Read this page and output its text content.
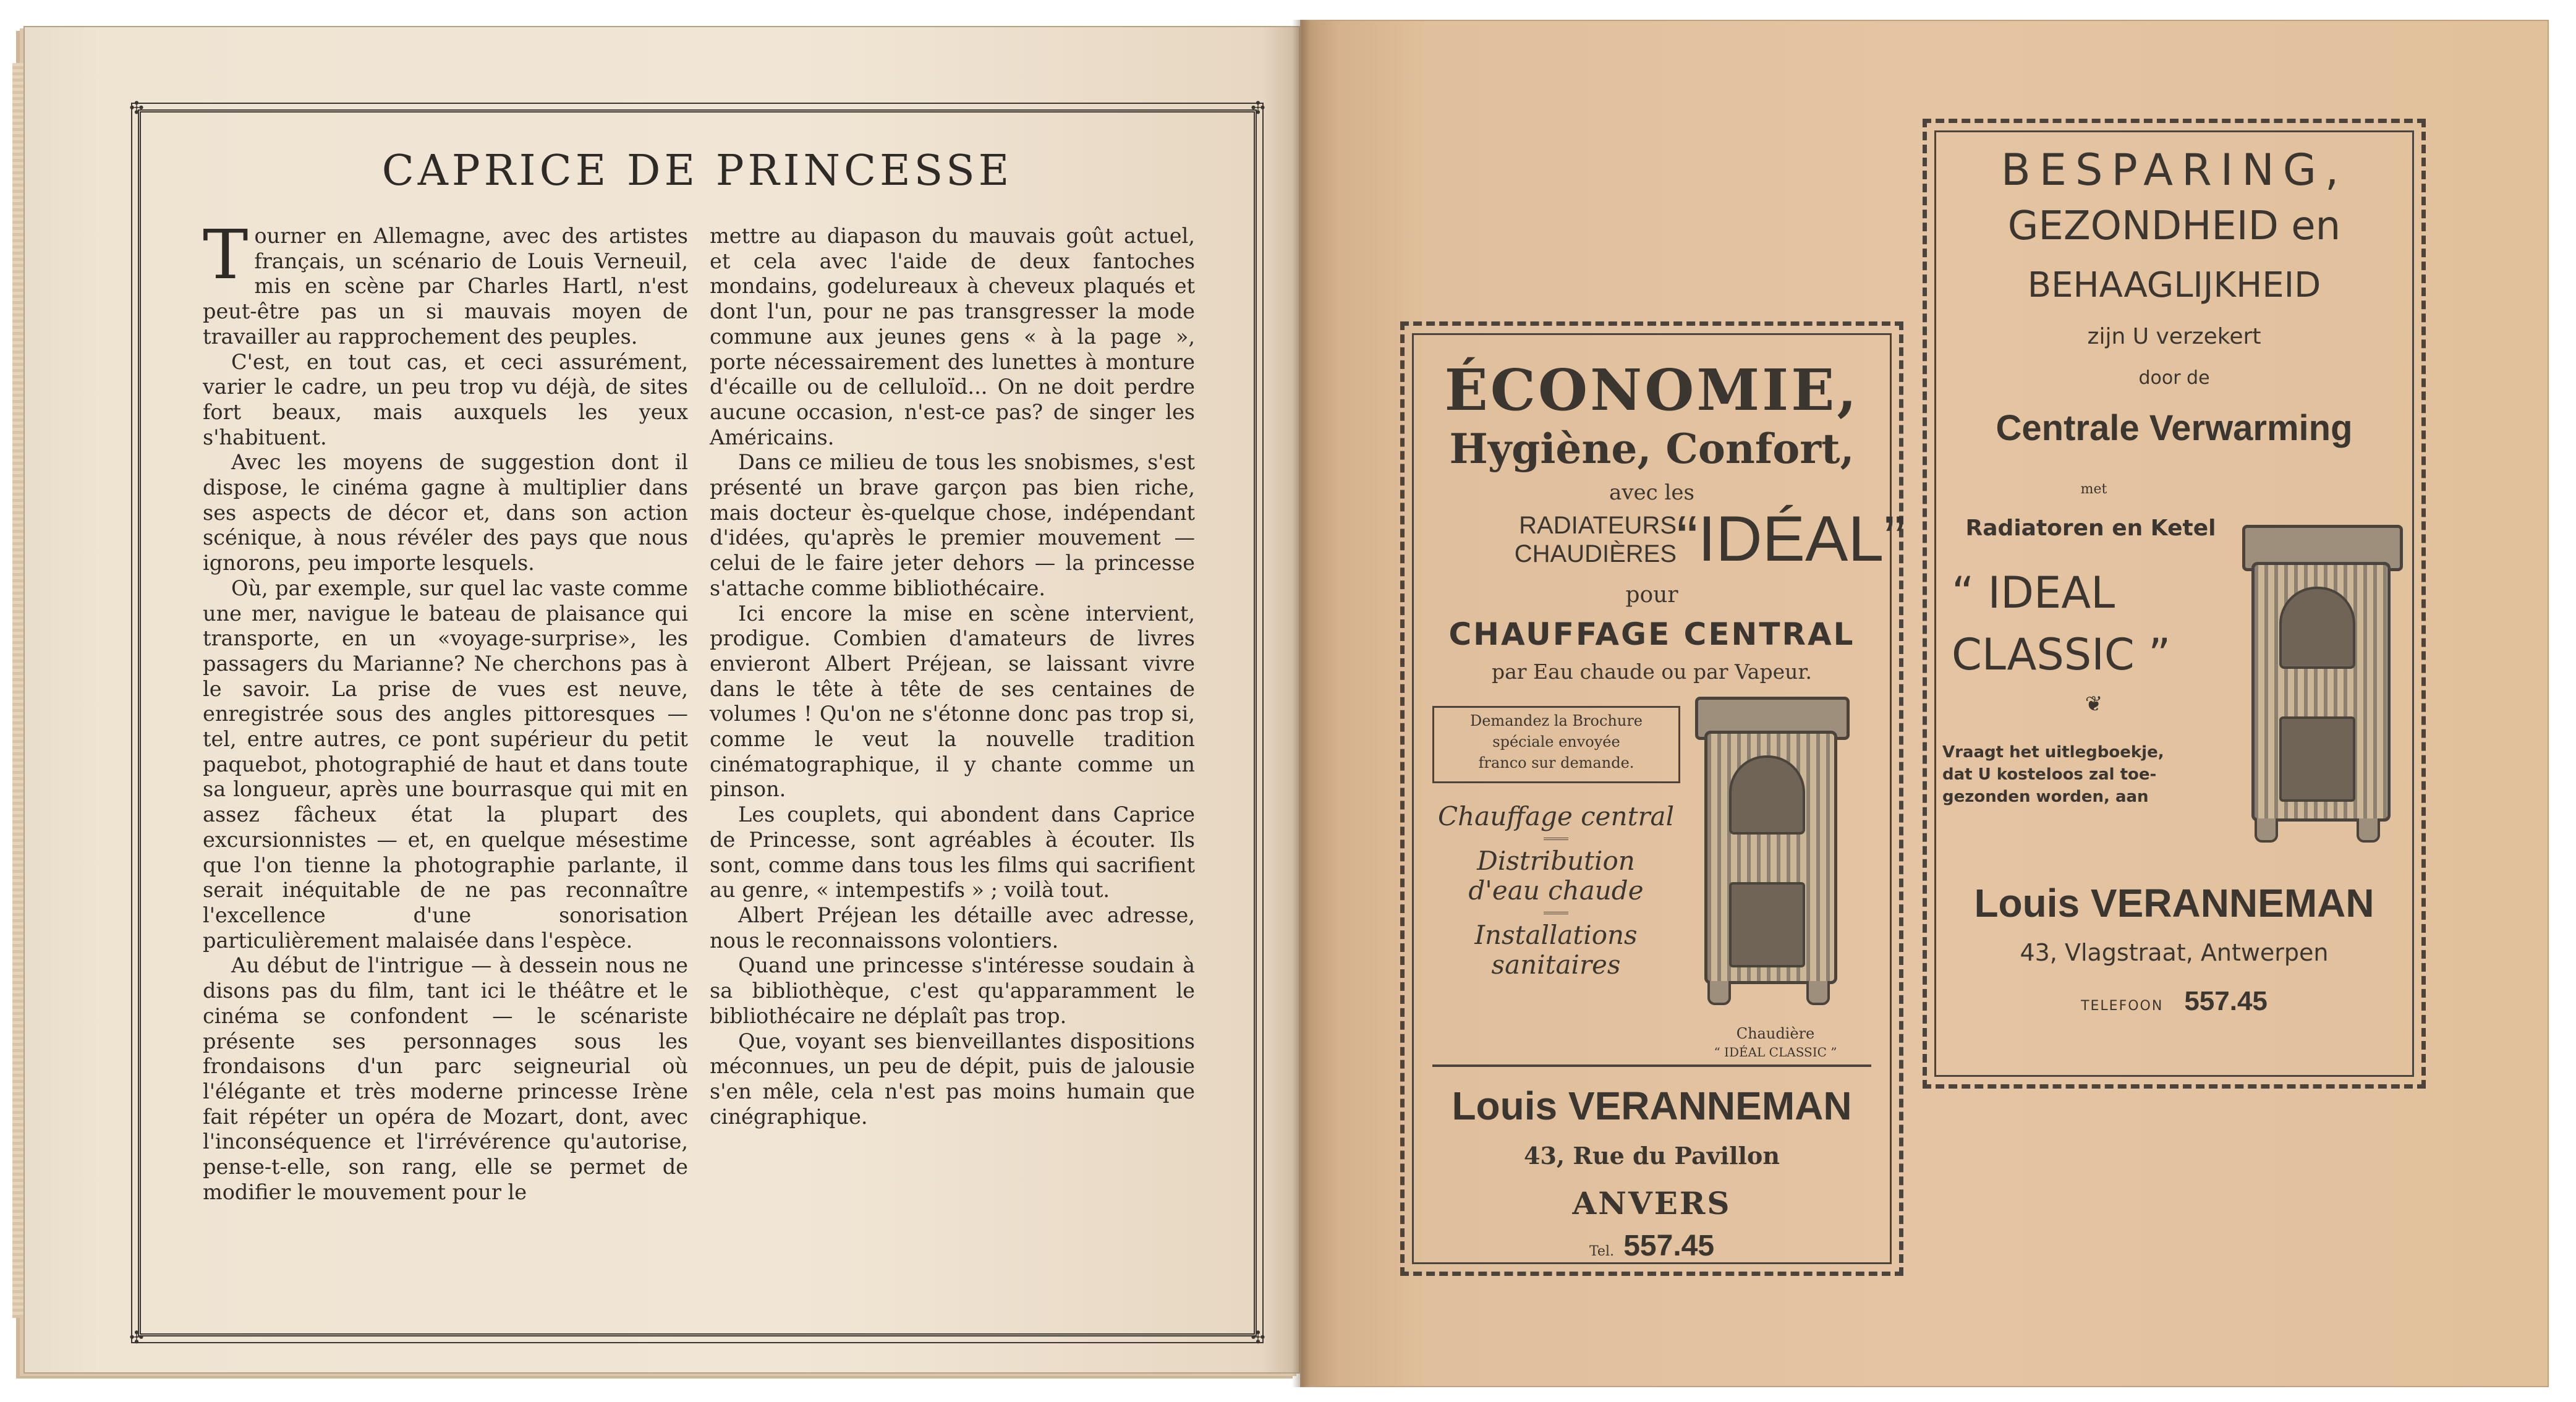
✣	✣
✣	✣
CAPRICE DE PRINCESSE

Tourner en Allemagne, avec des artistes français, un scénario de Louis Verneuil, mis en scène par Charles Hartl, n'est peut-être pas un si mauvais moyen de travailler au rapprochement des peuples.

C'est, en tout cas, et ceci assurément, varier le cadre, un peu trop vu déjà, de sites fort beaux, mais auxquels les yeux s'habituent.

Avec les moyens de suggestion dont il dispose, le cinéma gagne à multiplier dans ses aspects de décor et, dans son action scénique, à nous révéler des pays que nous ignorons, peu importe lesquels.

Où, par exemple, sur quel lac vaste comme une mer, navigue le bateau de plaisance qui transporte, en un «voyage-surprise», les passagers du Marianne? Ne cherchons pas à le savoir. La prise de vues est neuve, enregistrée sous des angles pittoresques — tel, entre autres, ce pont supérieur du petit paquebot, photographié de haut et dans toute sa longueur, après une bourrasque qui mit en assez fâcheux état la plupart des excursionnistes — et, en quelque mésestime que l'on tienne la photographie parlante, il serait inéquitable de ne pas reconnaître l'excellence d'une sonorisation particulièrement malaisée dans l'espèce.

Au début de l'intrigue — à dessein nous ne disons pas du film, tant ici le théâtre et le cinéma se confondent — le scénariste présente ses personnages sous les frondaisons d'un parc seigneurial où l'élégante et très moderne princesse Irène fait répéter un opéra de Mozart, dont, avec l'inconséquence et l'irrévérence qu'autorise, pense-t-elle, son rang, elle se permet de modifier le mouvement pour le

mettre au diapason du mauvais goût actuel, et cela avec l'aide de deux fantoches mondains, godelureaux à cheveux plaqués et dont l'un, pour ne pas transgresser la mode commune aux jeunes gens « à la page », porte nécessairement des lunettes à monture d'écaille ou de celluloïd... On ne doit perdre aucune occasion, n'est-ce pas? de singer les Américains.

Dans ce milieu de tous les snobismes, s'est présenté un brave garçon pas bien riche, mais docteur ès-quelque chose, indépendant d'idées, qu'après le premier mouvement — celui de le faire jeter dehors — la princesse s'attache comme bibliothécaire.

Ici encore la mise en scène intervient, prodigue. Combien d'amateurs de livres envieront Albert Préjean, se laissant vivre dans le tête à tête de ses centaines de volumes ! Qu'on ne s'étonne donc pas trop si, comme le veut la nouvelle tradition cinématographique, il y chante comme un pinson.

Les couplets, qui abondent dans Caprice de Princesse, sont agréables à écouter. Ils sont, comme dans tous les films qui sacrifient au genre, « intempestifs » ; voilà tout.

Albert Préjean les détaille avec adresse, nous le reconnaissons volontiers.

Quand une princesse s'intéresse soudain à sa bibliothèque, c'est qu'apparamment le bibliothécaire ne déplaît pas trop.

Que, voyant ses bienveillantes dispositions méconnues, un peu de dépit, puis de jalousie s'en mêle, cela n'est pas moins humain que cinégraphique.

ÉCONOMIE,
Hygiène, Confort,
avec les
RADIATEURS
CHAUDIÈRES “IDÉAL”
pour
CHAUFFAGE CENTRAL
par Eau chaude ou par Vapeur.
Demandez la Brochure
spéciale envoyée
franco sur demande.
Chauffage central
Distribution
d'eau chaude
Installations
sanitaires
Chaudière
“ IDÉAL CLASSIC ”
Louis VERANNEMAN
43, Rue du Pavillon
ANVERS
Tel. 557.45
BESPARING,
GEZONDHEID en
BEHAAGLIJKHEID
zijn U verzekert
door de
Centrale Verwarming
met
Radiatoren en Ketel
“ IDEAL
CLASSIC ”
❦
Vraagt het uitlegboekje,
dat U kosteloos zal toe-
gezonden worden, aan
Louis VERANNEMAN
43, Vlagstraat, Antwerpen
TELEFOON 557.45
